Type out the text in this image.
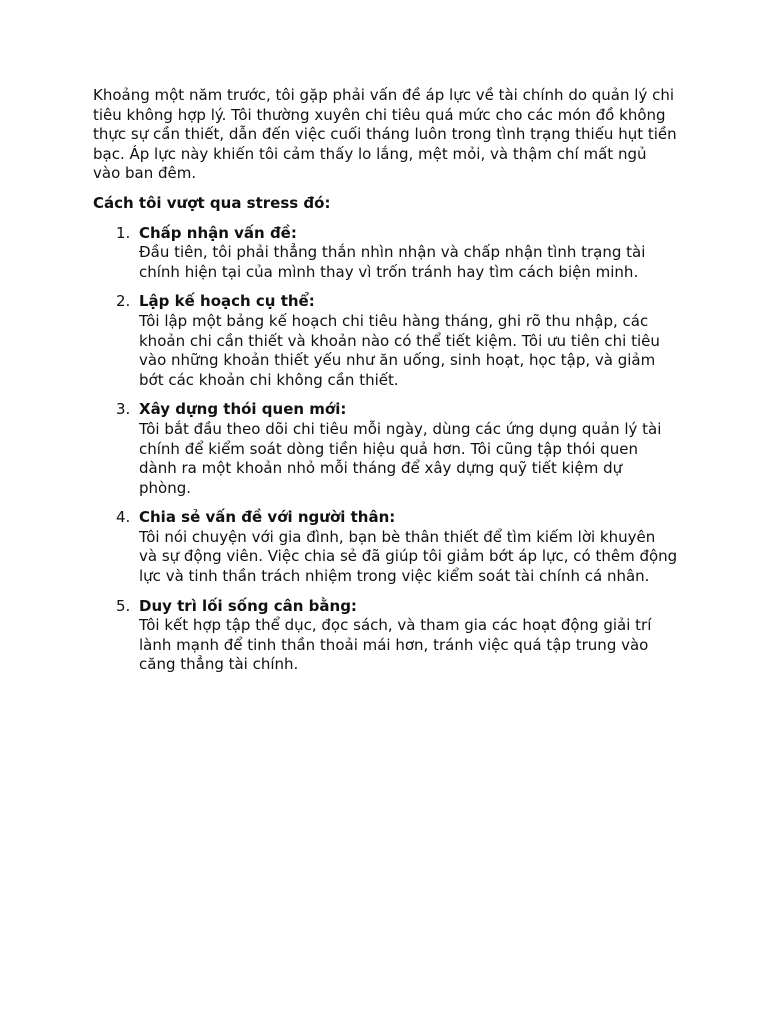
Khoảng một năm trước, tôi gặp phải vấn đề áp lực về tài chính do quản lý chi tiêu không hợp lý. Tôi thường xuyên chi tiêu quá mức cho các món đồ không thực sự cần thiết, dẫn đến việc cuối tháng luôn trong tình trạng thiếu hụt tiền bạc. Áp lực này khiến tôi cảm thấy lo lắng, mệt mỏi, và thậm chí mất ngủ vào ban đêm.

Cách tôi vượt qua stress đó:

1. Chấp nhận vấn đề:
Đầu tiên, tôi phải thẳng thắn nhìn nhận và chấp nhận tình trạng tài chính hiện tại của mình thay vì trốn tránh hay tìm cách biện minh.
2. Lập kế hoạch cụ thể:
Tôi lập một bảng kế hoạch chi tiêu hàng tháng, ghi rõ thu nhập, các khoản chi cần thiết và khoản nào có thể tiết kiệm. Tôi ưu tiên chi tiêu vào những khoản thiết yếu như ăn uống, sinh hoạt, học tập, và giảm bớt các khoản chi không cần thiết.
3. Xây dựng thói quen mới:
Tôi bắt đầu theo dõi chi tiêu mỗi ngày, dùng các ứng dụng quản lý tài chính để kiểm soát dòng tiền hiệu quả hơn. Tôi cũng tập thói quen dành ra một khoản nhỏ mỗi tháng để xây dựng quỹ tiết kiệm dự phòng.
4. Chia sẻ vấn đề với người thân:
Tôi nói chuyện với gia đình, bạn bè thân thiết để tìm kiếm lời khuyên và sự động viên. Việc chia sẻ đã giúp tôi giảm bớt áp lực, có thêm động lực và tinh thần trách nhiệm trong việc kiểm soát tài chính cá nhân.
5. Duy trì lối sống cân bằng:
Tôi kết hợp tập thể dục, đọc sách, và tham gia các hoạt động giải trí lành mạnh để tinh thần thoải mái hơn, tránh việc quá tập trung vào căng thẳng tài chính.
